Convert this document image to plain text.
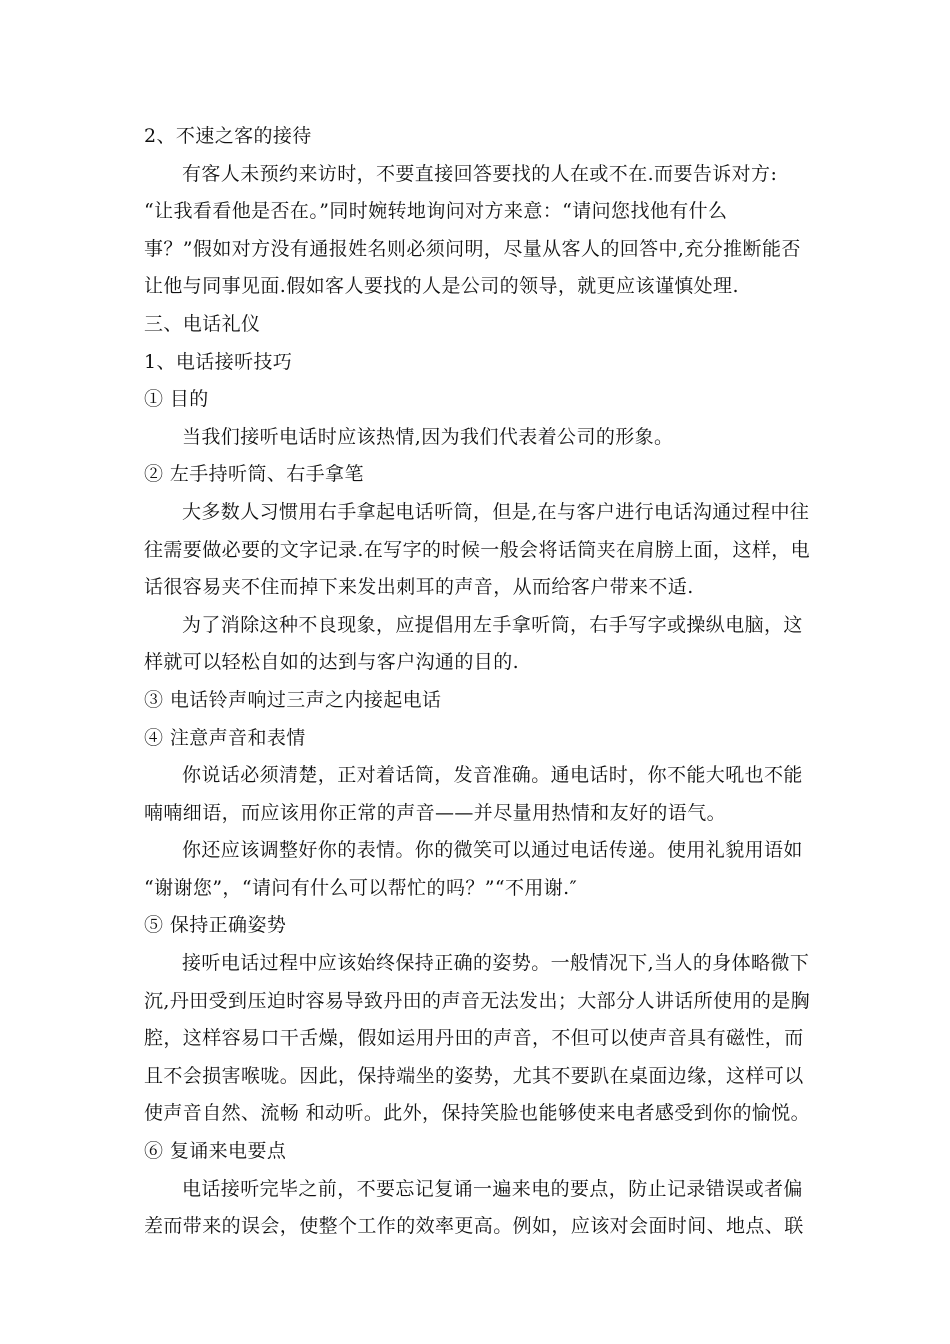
2、不速之客的接待
有客人未预约来访时，不要直接回答要找的人在或不在.而要告诉对方:
“让我看看他是否在。”同时婉转地询问对方来意：“请问您找他有什么
事？”假如对方没有通报姓名则必须问明，尽量从客人的回答中,充分推断能否
让他与同事见面.假如客人要找的人是公司的领导，就更应该谨慎处理.
三、电话礼仪
1、电话接听技巧
① 目的
当我们接听电话时应该热情,因为我们代表着公司的形象。
② 左手持听筒、右手拿笔
大多数人习惯用右手拿起电话听筒，但是,在与客户进行电话沟通过程中往
往需要做必要的文字记录.在写字的时候一般会将话筒夹在肩膀上面，这样，电
话很容易夹不住而掉下来发出刺耳的声音，从而给客户带来不适.
为了消除这种不良现象，应提倡用左手拿听筒，右手写字或操纵电脑，这
样就可以轻松自如的达到与客户沟通的目的.
③ 电话铃声响过三声之内接起电话
④ 注意声音和表情
你说话必须清楚，正对着话筒，发音准确。通电话时，你不能大吼也不能
喃喃细语，而应该用你正常的声音——并尽量用热情和友好的语气。
你还应该调整好你的表情。你的微笑可以通过电话传递。使用礼貌用语如
“谢谢您”，“请问有什么可以帮忙的吗？”“不用谢.″
⑤ 保持正确姿势
接听电话过程中应该始终保持正确的姿势。一般情况下,当人的身体略微下
沉,丹田受到压迫时容易导致丹田的声音无法发出；大部分人讲话所使用的是胸
腔，这样容易口干舌燥，假如运用丹田的声音，不但可以使声音具有磁性，而
且不会损害喉咙。因此，保持端坐的姿势，尤其不要趴在桌面边缘，这样可以
使声音自然、流畅 和动听。此外，保持笑脸也能够使来电者感受到你的愉悦。
⑥ 复诵来电要点
电话接听完毕之前，不要忘记复诵一遍来电的要点，防止记录错误或者偏
差而带来的误会，使整个工作的效率更高。例如，应该对会面时间、地点、联
